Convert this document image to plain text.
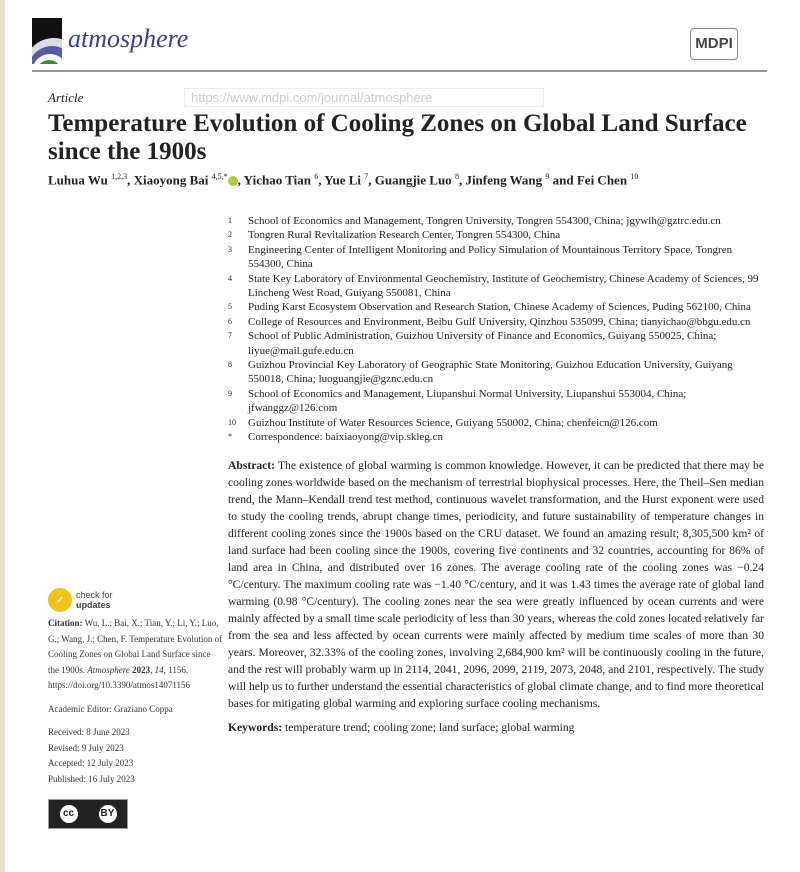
atmosphere	MDPI
https://www.mdpi.com/journal/atmosphere
Article
Temperature Evolution of Cooling Zones on Global Land Surface since the 1900s
Luhua Wu $^{1,2,3}$, Xiaoyong Bai $^{4,5,*}$ , Yichao Tian $^6$, Yue Li $^7$, Guangjie Luo $^8$, Jinfeng Wang $^9$ and Fei Chen $^{10}$
1	School of Economics and Management, Tongren University, Tongren 554300, China; jgywlh@gztrc.edu.cn
2	Tongren Rural Revitalization Research Center, Tongren 554300, China
3	Engineering Center of Intelligent Monitoring and Policy Simulation of Mountainous Territory Space, Tongren 554300, China
4	State Key Laboratory of Environmental Geochemistry, Institute of Geochemistry, Chinese Academy of Sciences, 99 Lincheng West Road, Guiyang 550081, China
5	Puding Karst Ecosystem Observation and Research Station, Chinese Academy of Sciences, Puding 562100, China
6	College of Resources and Environment, Beibu Gulf University, Qinzhou 535099, China; tianyichao@bbgu.edu.cn
7	School of Public Administration, Guizhou University of Finance and Economics, Guiyang 550025, China; liyue@mail.gufe.edu.cn
8	Guizhou Provincial Key Laboratory of Geographic State Monitoring, Guizhou Education University, Guiyang 550018, China; luoguangjie@gznc.edu.cn
9	School of Economics and Management, Liupanshui Normal University, Liupanshui 553004, China; jfwanggz@126.com
10	Guizhou Institute of Water Resources Science, Guiyang 550002, China; chenfeicn@126.com
*	Correspondence: baixiaoyong@vip.skleg.cn
Abstract: The existence of global warming is common knowledge. However, it can be predicted that there may be cooling zones worldwide based on the mechanism of terrestrial biophysical processes. Here, the Theil–Sen median trend, the Mann–Kendall trend test method, continuous wavelet transformation, and the Hurst exponent were used to study the cooling trends, abrupt change times, periodicity, and future sustainability of temperature changes in different cooling zones since the 1900s based on the CRU dataset. We found an amazing result; 8,305,500 km² of land surface had been cooling since the 1900s, covering five continents and 32 countries, accounting for 86% of land area in China, and distributed over 16 zones. The average cooling rate of the cooling zones was −0.24 °C/century. The maximum cooling rate was −1.40 °C/century, and it was 1.43 times the average rate of global land warming (0.98 °C/century). The cooling zones near the sea were greatly influenced by ocean currents and were mainly affected by a small time scale periodicity of less than 30 years, whereas the cold zones located relatively far from the sea and less affected by ocean currents were mainly affected by medium time scales of more than 30 years. Moreover, 32.33% of the cooling zones, involving 2,684,900 km² will be continuously cooling in the future, and the rest will probably warm up in 2114, 2041, 2096, 2099, 2119, 2073, 2048, and 2101, respectively. The study will help us to further understand the essential characteristics of global climate change, and to find more theoretical bases for mitigating global warming and exploring surface cooling mechanisms.
Keywords: temperature trend; cooling zone; land surface; global warming
✓	check for
updates
Citation: Wu, L.; Bai, X.; Tian, Y.; Li, Y.; Luo, G.; Wang, J.; Chen, F. Temperature Evolution of Cooling Zones on Global Land Surface since the 1900s. Atmosphere 2023, 14, 1156. https://doi.org/10.3390/atmos14071156
Academic Editor: Graziano Coppa
Received: 8 June 2023
Revised: 9 July 2023
Accepted: 12 July 2023
Published: 16 July 2023
cc	BY
